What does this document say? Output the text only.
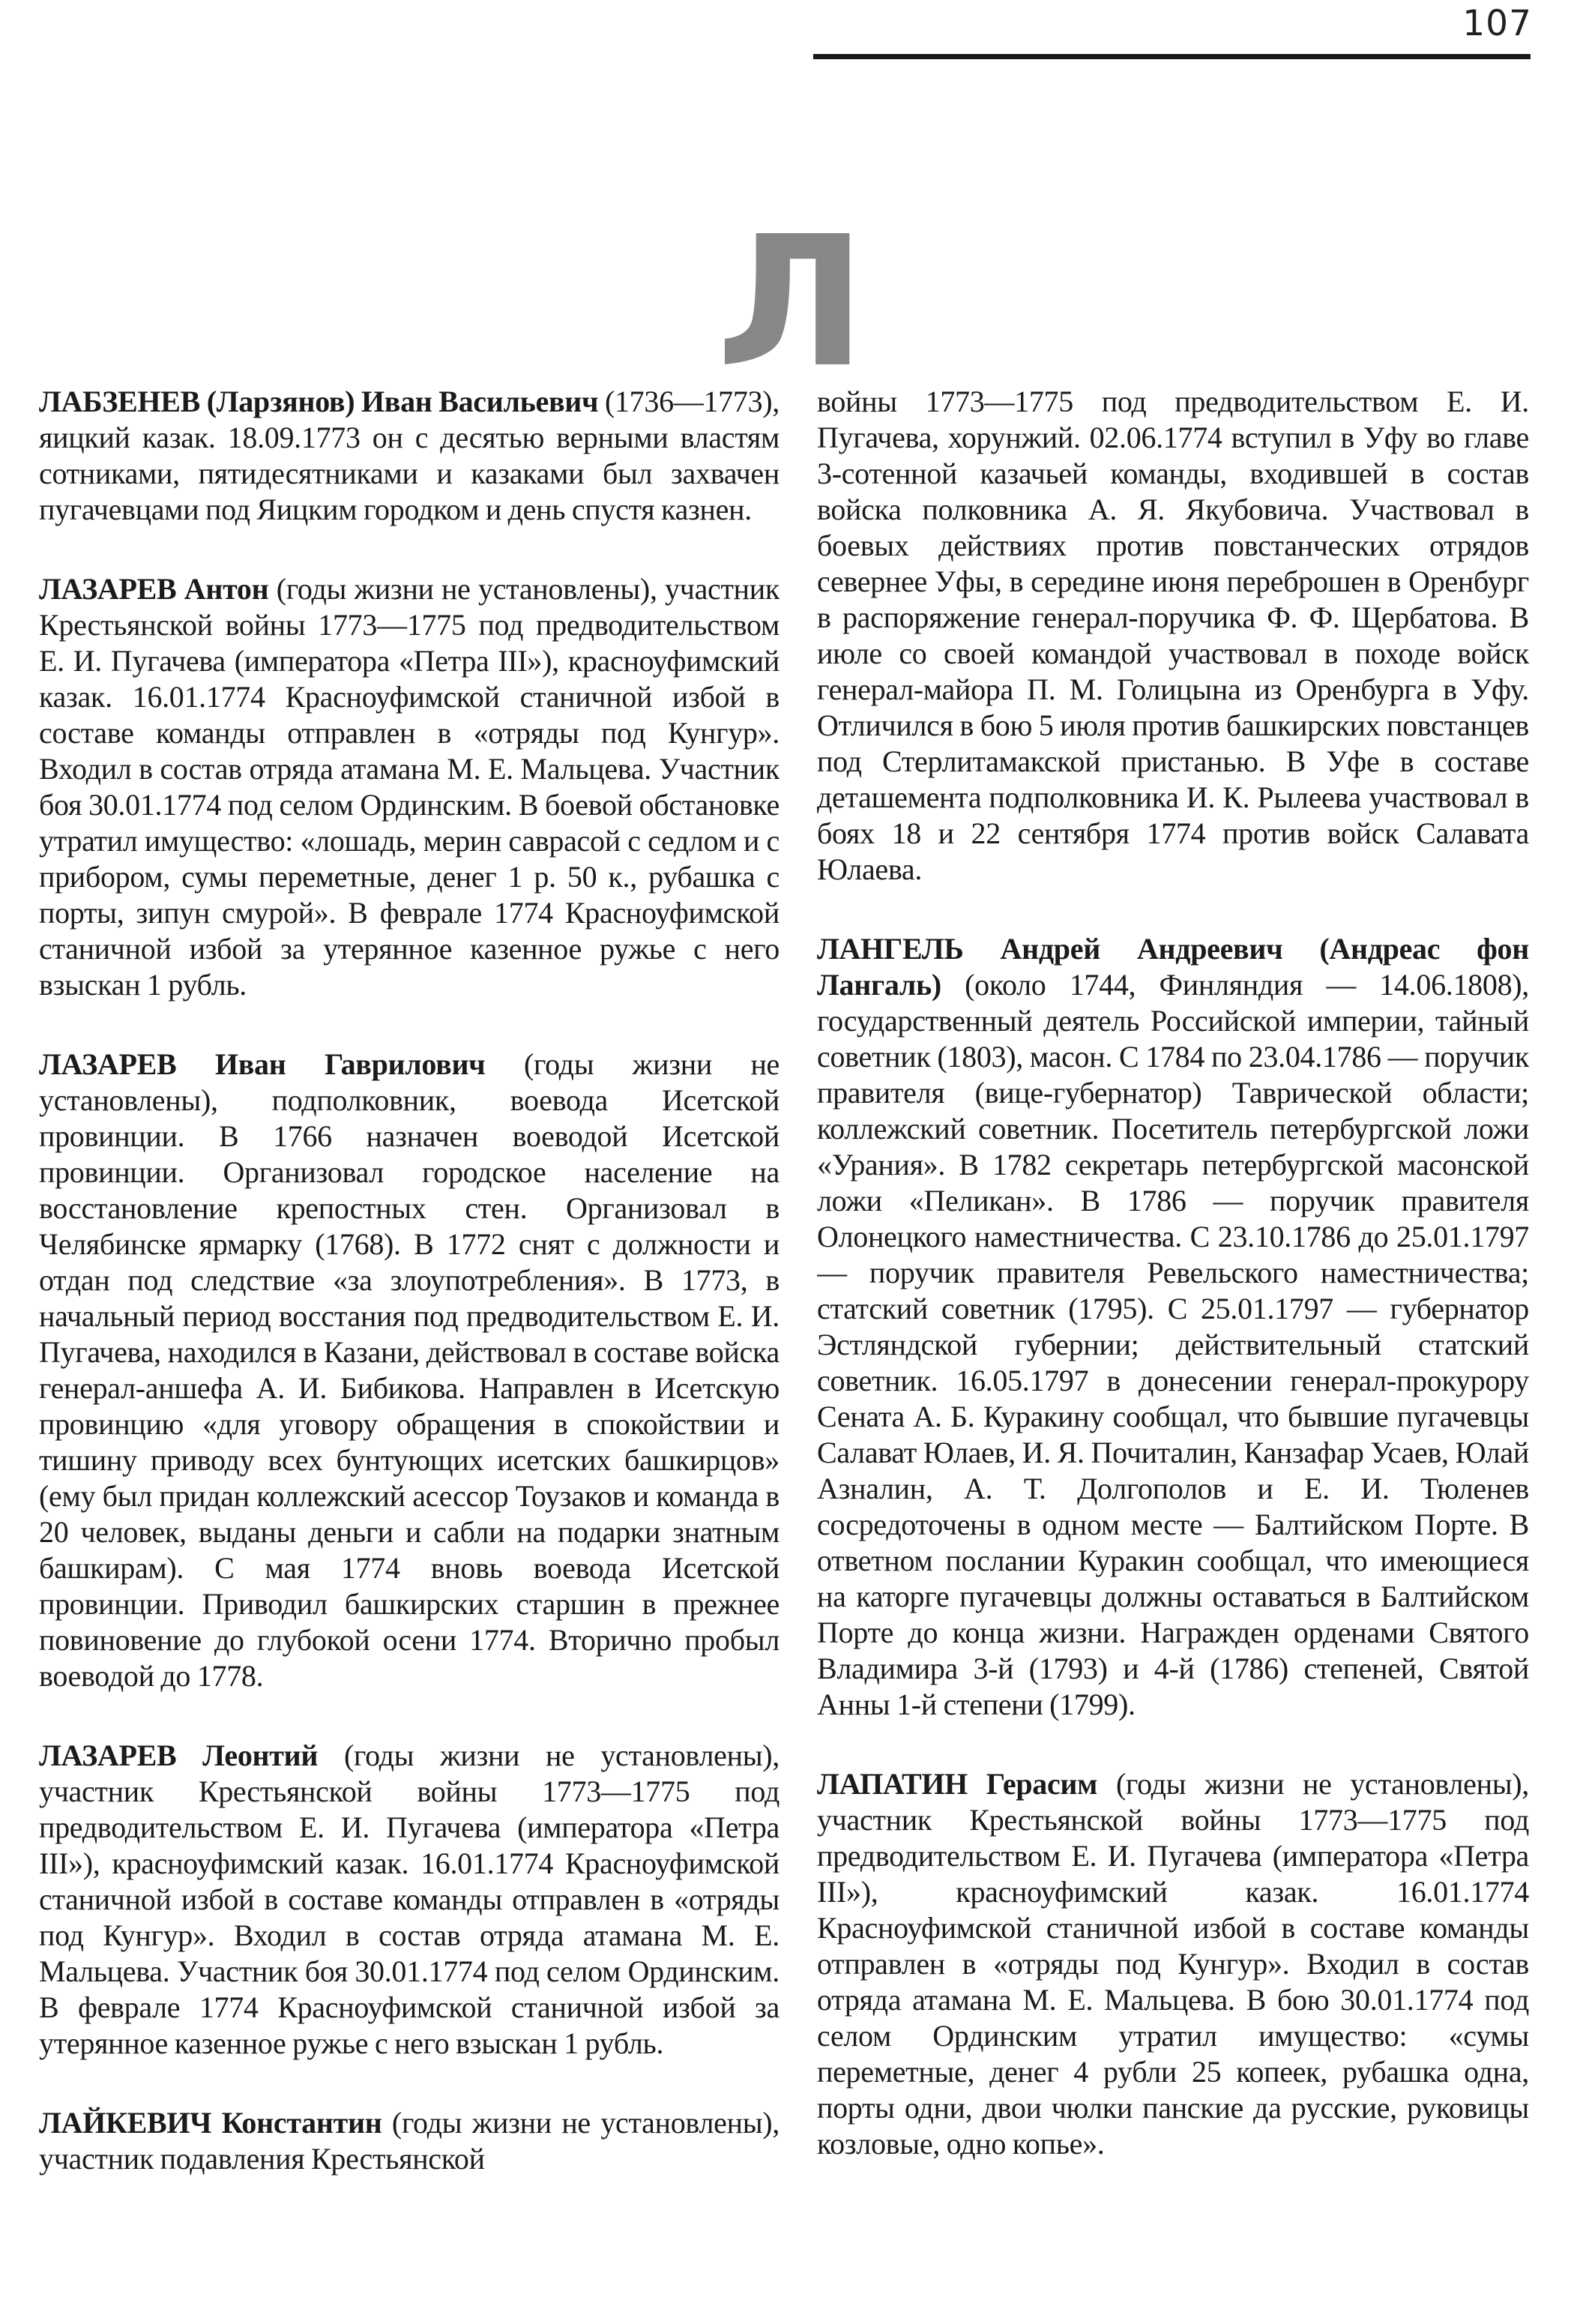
107
Л

ЛАБЗЕНЕВ (Ларзянов) Иван Васильевич (1736—1773), яицкий казак. 18.09.1773 он с десятью верными властям сотниками, пятидесятниками и казаками был захвачен пугачевцами под Яицким городком и день спустя казнен.

ЛАЗАРЕВ Антон (годы жизни не установлены), участник Крестьянской войны 1773—1775 под предводительством Е. И. Пугачева (императора «Петра III»), красноуфимский казак. 16.01.1774 Красноуфимской станичной избой в составе команды отправлен в «отряды под Кунгур». Входил в состав отряда атамана М. Е. Мальцева. Участник боя 30.01.1774 под селом Ординским. В боевой обстановке утратил имущество: «лошадь, мерин саврасой с седлом и с прибором, сумы переметные, денег 1 р. 50 к., рубашка с порты, зипун смурой». В феврале 1774 Красноуфимской станичной избой за утерянное казенное ружье с него взыскан 1 рубль.

ЛАЗАРЕВ Иван Гаврилович (годы жизни не установлены), подполковник, воевода Исетской провинции. В 1766 назначен воеводой Исетской провинции. Организовал городское население на восстановление крепостных стен. Организовал в Челябинске ярмарку (1768). В 1772 снят с должности и отдан под следствие «за злоупотребления». В 1773, в начальный период восстания под предводительством Е. И. Пугачева, находился в Казани, действовал в составе войска генерал-аншефа А. И. Бибикова. Направлен в Исетскую провинцию «для уговору обращения в спокойствии и тишину приводу всех бунтующих исетских башкирцов» (ему был придан коллежский асессор Тоузаков и команда в 20 человек, выданы деньги и сабли на подарки знатным башкирам). С мая 1774 вновь воевода Исетской провинции. Приводил башкирских старшин в прежнее повиновение до глубокой осени 1774. Вторично пробыл воеводой до 1778.

ЛАЗАРЕВ Леонтий (годы жизни не установлены), участник Крестьянской войны 1773—1775 под предводительством Е. И. Пугачева (императора «Петра III»), красноуфимский казак. 16.01.1774 Красноуфимской станичной избой в составе команды отправлен в «отряды под Кунгур». Входил в состав отряда атамана М. Е. Мальцева. Участник боя 30.01.1774 под селом Ординским. В феврале 1774 Красноуфимской станичной избой за утерянное казенное ружье с него взыскан 1 рубль.

ЛАЙКЕВИЧ Константин (годы жизни не установлены), участник подавления Крестьянской

войны 1773—1775 под предводительством Е. И. Пугачева, хорунжий. 02.06.1774 вступил в Уфу во главе 3-сотенной казачьей команды, входившей в состав войска полковника А. Я. Якубовича. Участвовал в боевых действиях против повстанческих отрядов севернее Уфы, в середине июня переброшен в Оренбург в распоряжение генерал-поручика Ф. Ф. Щербатова. В июле со своей командой участвовал в походе войск генерал-майора П. М. Голицына из Оренбурга в Уфу. Отличился в бою 5 июля против башкирских повстанцев под Стерлитамакской пристанью. В Уфе в составе деташемента подполковника И. К. Рылеева участвовал в боях 18 и 22 сентября 1774 против войск Салавата Юлаева.

ЛАНГЕЛЬ Андрей Андреевич (Андреас фон Лангаль) (около 1744, Финляндия — 14.06.1808), государственный деятель Российской империи, тайный советник (1803), масон. С 1784 по 23.04.1786 — поручик правителя (вице-губернатор) Таврической области; коллежский советник. Посетитель петербургской ложи «Урания». В 1782 секретарь петербургской масонской ложи «Пеликан». В 1786 — поручик правителя Олонецкого наместничества. С 23.10.1786 до 25.01.1797 — поручик правителя Ревельского наместничества; статский советник (1795). С 25.01.1797 — губернатор Эстляндской губернии; действительный статский советник. 16.05.1797 в донесении генерал-прокурору Сената А. Б. Куракину сообщал, что бывшие пугачевцы Салават Юлаев, И. Я. Почиталин, Канзафар Усаев, Юлай Азналин, А. Т. Долгополов и Е. И. Тюленев сосредоточены в одном месте — Балтийском Порте. В ответном послании Куракин сообщал, что имеющиеся на каторге пугачевцы должны оставаться в Балтийском Порте до конца жизни. Награжден орденами Святого Владимира 3-й (1793) и 4-й (1786) степеней, Святой Анны 1-й степени (1799).

ЛАПАТИН Герасим (годы жизни не установлены), участник Крестьянской войны 1773—1775 под предводительством Е. И. Пугачева (императора «Петра III»), красноуфимский казак. 16.01.1774 Красноуфимской станичной избой в составе команды отправлен в «отряды под Кунгур». Входил в состав отряда атамана М. Е. Мальцева. В бою 30.01.1774 под селом Ординским утратил имущество: «сумы переметные, денег 4 рубли 25 копеек, рубашка одна, порты одни, двои чюлки панские да русские, руковицы козловые, одно копье».
